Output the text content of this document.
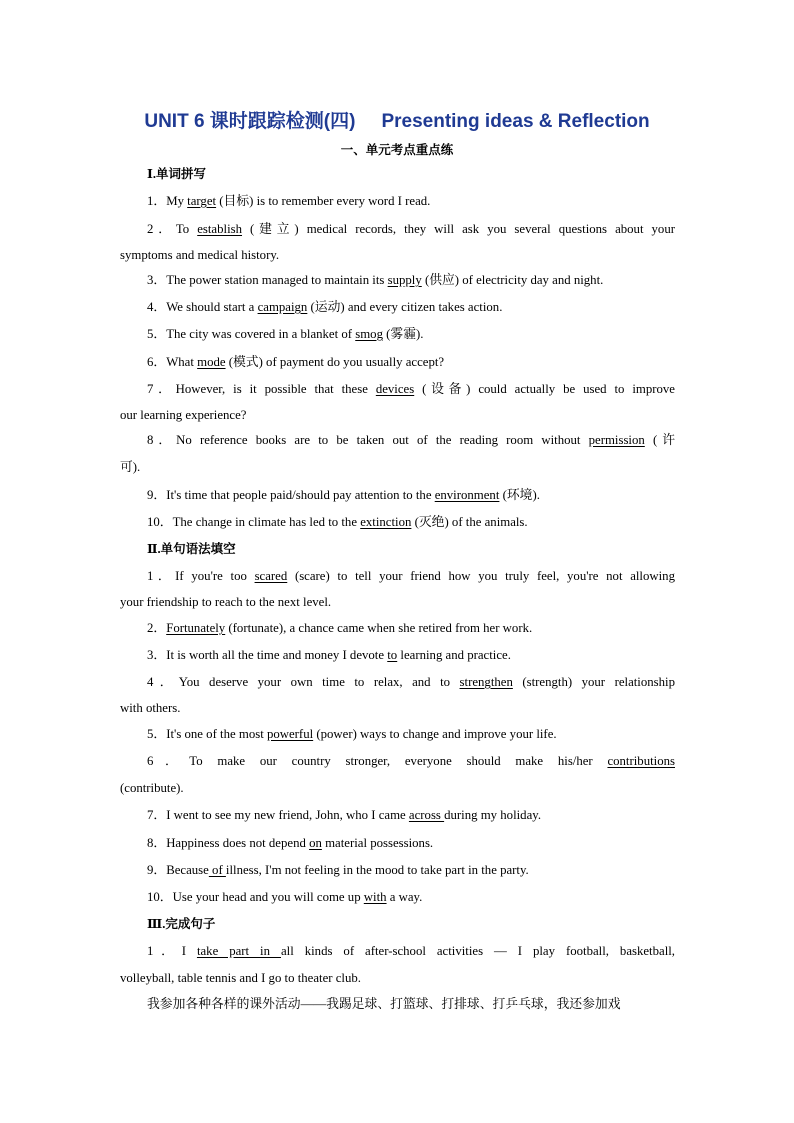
UNIT 6 课时跟踪检测(四) Presenting ideas & Reflection
一、单元考点重点练
Ⅰ.单词拼写
1．My target (目标) is to remember every word I read.
2．To establish (建立) medical records, they will ask you several questions about your
symptoms and medical history.
3．The power station managed to maintain its supply (供应) of electricity day and night.
4．We should start a campaign (运动) and every citizen takes action.
5．The city was covered in a blanket of smog (雾霾).
6．What mode (模式) of payment do you usually accept?
7．However, is it possible that these devices (设备) could actually be used to improve
our learning experience?
8．No reference books are to be taken out of the reading room without permission (许
可).
9．It's time that people paid/should pay attention to the environment (环境).
10．The change in climate has led to the extinction (灭绝) of the animals.
Ⅱ.单句语法填空
1．If you're too scared (scare) to tell your friend how you truly feel, you're not allowing
your friendship to reach to the next level.
2．Fortunately (fortunate), a chance came when she retired from her work.
3．It is worth all the time and money I devote to learning and practice.
4．You deserve your own time to relax, and to strengthen (strength) your relationship
with others.
5．It's one of the most powerful (power) ways to change and improve your life.
6．To make our country stronger, everyone should make his/her contributions
(contribute).
7．I went to see my new friend, John, who I came across during my holiday.
8．Happiness does not depend on material possessions.
9．Because of illness, I'm not feeling in the mood to take part in the party.
10．Use your head and you will come up with a way.
Ⅲ.完成句子
1．I take part in all kinds of after-school activities — I play football, basketball,
volleyball, table tennis and I go to theater club.
我参加各种各样的课外活动——我踢足球、打篮球、打排球、打乒乓球，我还参加戏
